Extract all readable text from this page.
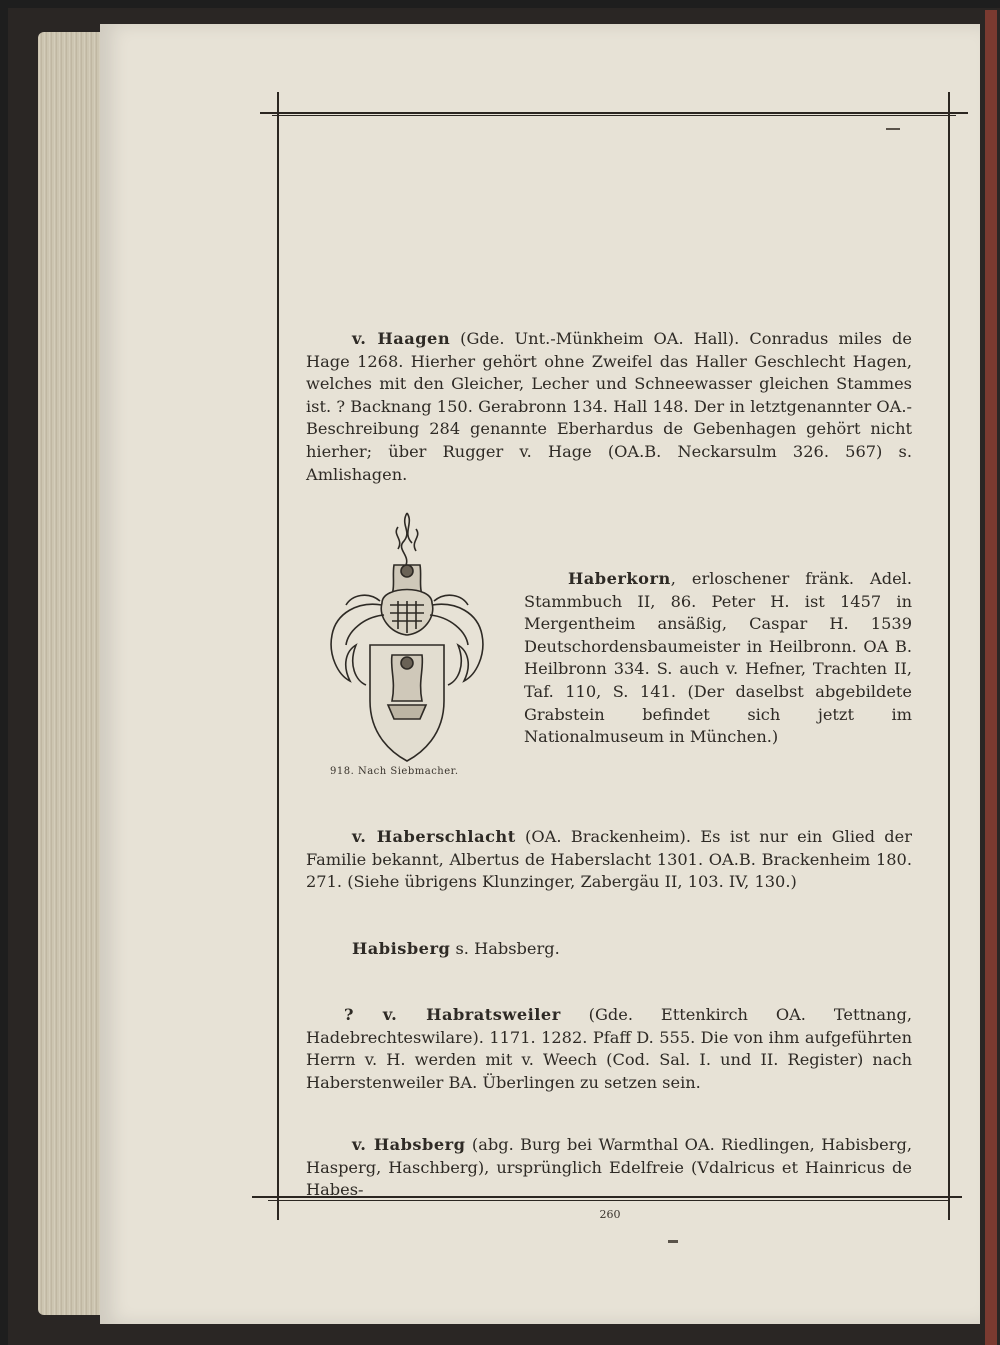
v. Haagen (Gde. Unt.-Münkheim OA. Hall). Conradus miles de Hage 1268. Hierher gehört ohne Zweifel das Haller Geschlecht Hagen, welches mit den Gleicher, Lecher und Schneewasser gleichen Stammes ist. ? Backnang 150. Gerabronn 134. Hall 148. Der in letztgenannter OA.-Beschreibung 284 genannte Eberhardus de Gebenhagen gehört nicht hierher; über Rugger v. Hage (OA.B. Neckarsulm 326. 567) s. Amlishagen.

918. Nach Siebmacher.

Haberkorn, erloschener fränk. Adel. Stammbuch II, 86. Peter H. ist 1457 in Mergentheim ansäßig, Caspar H. 1539 Deutschordensbaumeister in Heilbronn. OA B. Heilbronn 334. S. auch v. Hefner, Trachten II, Taf. 110, S. 141. (Der daselbst abgebildete Grabstein befindet sich jetzt im Nationalmuseum in München.)

v. Haberschlacht (OA. Brackenheim). Es ist nur ein Glied der Familie bekannt, Albertus de Haberslacht 1301. OA.B. Brackenheim 180. 271. (Siehe übrigens Klunzinger, Zabergäu II, 103. IV, 130.)

Habisberg s. Habsberg.

? v. Habratsweiler (Gde. Ettenkirch OA. Tettnang, Hadebrechteswilare). 1171. 1282. Pfaff D. 555. Die von ihm aufgeführten Herrn v. H. werden mit v. Weech (Cod. Sal. I. und II. Register) nach Haberstenweiler BA. Überlingen zu setzen sein.

v. Habsberg (abg. Burg bei Warmthal OA. Riedlingen, Habisberg, Hasperg, Haschberg), ursprünglich Edelfreie (Vdalricus et Hainricus de Habes-

260
